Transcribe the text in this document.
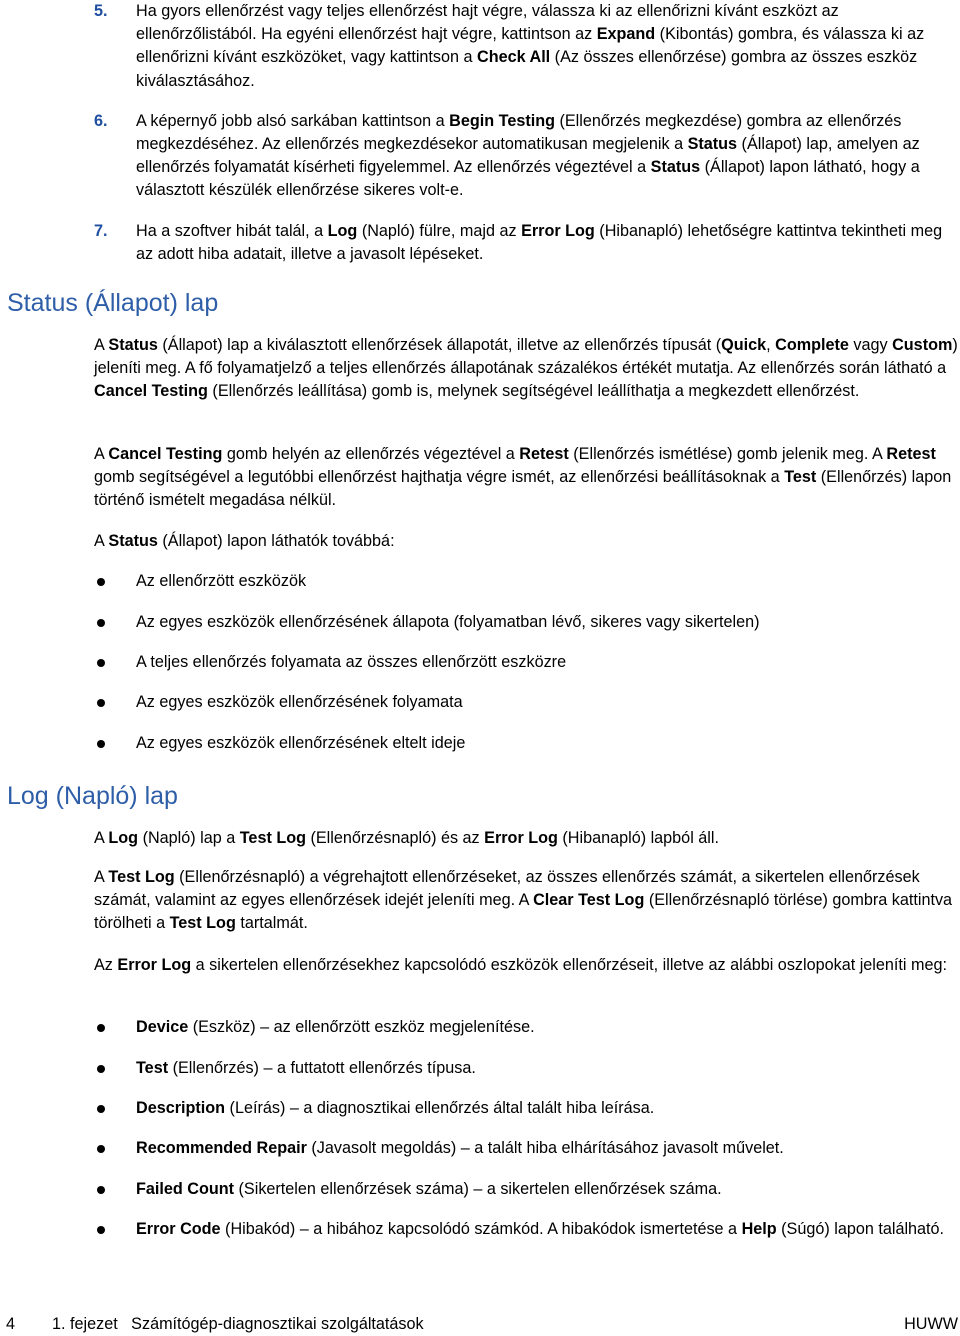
5.	Ha gyors ellenőrzést vagy teljes ellenőrzést hajt végre, válassza ki az ellenőrizni kívánt eszközt az ellenőrzőlistából. Ha egyéni ellenőrzést hajt végre, kattintson az Expand (Kibontás) gombra, és válassza ki az ellenőrizni kívánt eszközöket, vagy kattintson a Check All (Az összes ellenőrzése) gombra az összes eszköz kiválasztásához.

6.	A képernyő jobb alsó sarkában kattintson a Begin Testing (Ellenőrzés megkezdése) gombra az ellenőrzés megkezdéséhez. Az ellenőrzés megkezdésekor automatikusan megjelenik a Status (Állapot) lap, amelyen az ellenőrzés folyamatát kísérheti figyelemmel. Az ellenőrzés végeztével a Status (Állapot) lapon látható, hogy a választott készülék ellenőrzése sikeres volt-e.

7.	Ha a szoftver hibát talál, a Log (Napló) fülre, majd az Error Log (Hibanapló) lehetőségre kattintva tekintheti meg az adott hiba adatait, illetve a javasolt lépéseket.

Status (Állapot) lap

A Status (Állapot) lap a kiválasztott ellenőrzések állapotát, illetve az ellenőrzés típusát (Quick, Complete vagy Custom) jeleníti meg. A fő folyamatjelző a teljes ellenőrzés állapotának százalékos értékét mutatja. Az ellenőrzés során látható a Cancel Testing (Ellenőrzés leállítása) gomb is, melynek segítségével leállíthatja a megkezdett ellenőrzést.

A Cancel Testing gomb helyén az ellenőrzés végeztével a Retest (Ellenőrzés ismétlése) gomb jelenik meg. A Retest gomb segítségével a legutóbbi ellenőrzést hajthatja végre ismét, az ellenőrzési beállításoknak a Test (Ellenőrzés) lapon történő ismételt megadása nélkül.

A Status (Állapot) lapon láthatók továbbá:

Az ellenőrzött eszközök
Az egyes eszközök ellenőrzésének állapota (folyamatban lévő, sikeres vagy sikertelen)
A teljes ellenőrzés folyamata az összes ellenőrzött eszközre
Az egyes eszközök ellenőrzésének folyamata
Az egyes eszközök ellenőrzésének eltelt ideje
Log (Napló) lap

A Log (Napló) lap a Test Log (Ellenőrzésnapló) és az Error Log (Hibanapló) lapból áll.

A Test Log (Ellenőrzésnapló) a végrehajtott ellenőrzéseket, az összes ellenőrzés számát, a sikertelen ellenőrzések számát, valamint az egyes ellenőrzések idejét jeleníti meg. A Clear Test Log (Ellenőrzésnapló törlése) gombra kattintva törölheti a Test Log tartalmát.

Az Error Log a sikertelen ellenőrzésekhez kapcsolódó eszközök ellenőrzéseit, illetve az alábbi oszlopokat jeleníti meg:

Device (Eszköz) – az ellenőrzött eszköz megjelenítése.
Test (Ellenőrzés) – a futtatott ellenőrzés típusa.
Description (Leírás) – a diagnosztikai ellenőrzés által talált hiba leírása.
Recommended Repair (Javasolt megoldás) – a talált hiba elhárításához javasolt művelet.
Failed Count (Sikertelen ellenőrzések száma) – a sikertelen ellenőrzések száma.
Error Code (Hibakód) – a hibához kapcsolódó számkód. A hibakódok ismertetése a Help (Súgó) lapon található.
4 1. fejezet   Számítógép-diagnosztikai szolgáltatások	HUWW
